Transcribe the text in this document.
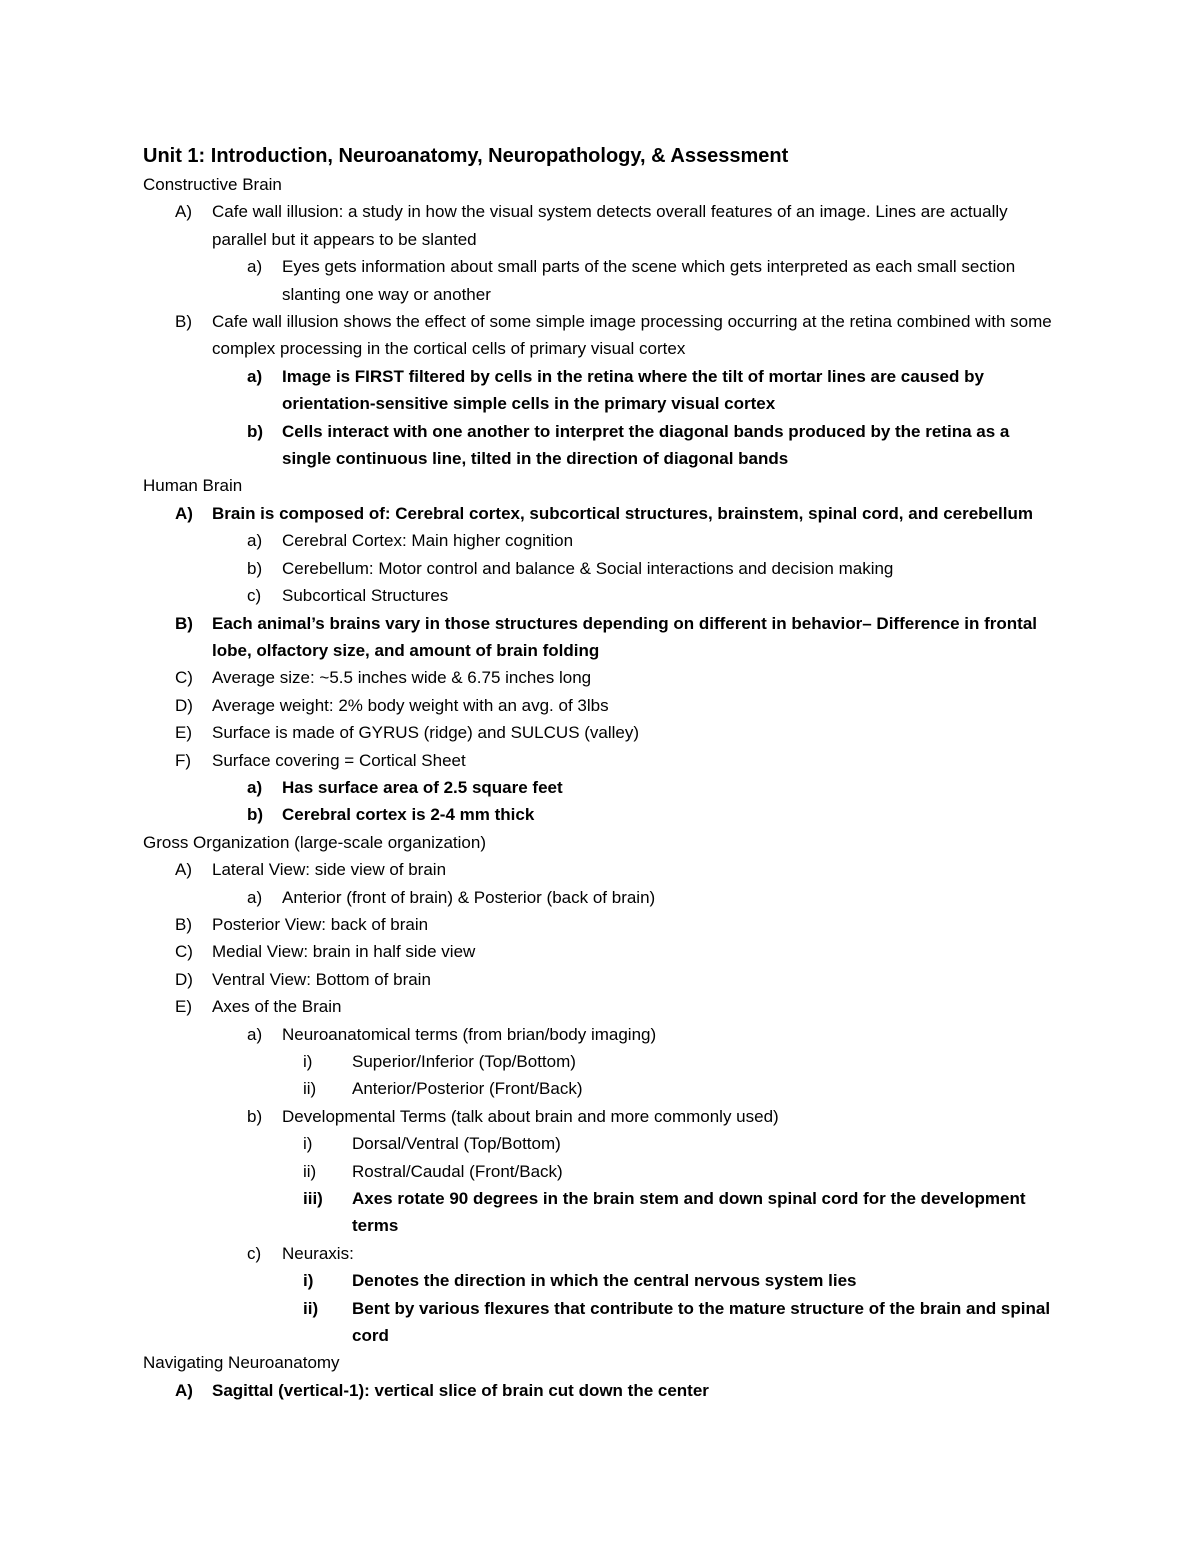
Unit 1: Introduction, Neuroanatomy, Neuropathology, & Assessment
Constructive Brain
A) Cafe wall illusion: a study in how the visual system detects overall features of an image. Lines are actually parallel but it appears to be slanted
a) Eyes gets information about small parts of the scene which gets interpreted as each small section slanting one way or another
B) Cafe wall illusion shows the effect of some simple image processing occurring at the retina combined with some complex processing in the cortical cells of primary visual cortex
a) Image is FIRST filtered by cells in the retina where the tilt of mortar lines are caused by orientation-sensitive simple cells in the primary visual cortex
b) Cells interact with one another to interpret the diagonal bands produced by the retina as a single continuous line, tilted in the direction of diagonal bands
Human Brain
A) Brain is composed of: Cerebral cortex, subcortical structures, brainstem, spinal cord, and cerebellum
a) Cerebral Cortex: Main higher cognition
b) Cerebellum: Motor control and balance & Social interactions and decision making
c) Subcortical Structures
B) Each animal’s brains vary in those structures depending on different in behavior– Difference in frontal lobe, olfactory size, and amount of brain folding
C) Average size: ~5.5 inches wide & 6.75 inches long
D) Average weight: 2% body weight with an avg. of 3lbs
E) Surface is made of GYRUS (ridge) and SULCUS (valley)
F) Surface covering = Cortical Sheet
a) Has surface area of 2.5 square feet
b) Cerebral cortex is 2-4 mm thick
Gross Organization (large-scale organization)
A) Lateral View: side view of brain
a) Anterior (front of brain) & Posterior (back of brain)
B) Posterior View: back of brain
C) Medial View: brain in half side view
D) Ventral View: Bottom of brain
E) Axes of the Brain
a) Neuroanatomical terms (from brian/body imaging)
i) Superior/Inferior (Top/Bottom)
ii) Anterior/Posterior (Front/Back)
b) Developmental Terms (talk about brain and more commonly used)
i) Dorsal/Ventral (Top/Bottom)
ii) Rostral/Caudal (Front/Back)
iii) Axes rotate 90 degrees in the brain stem and down spinal cord for the development terms
c) Neuraxis:
i) Denotes the direction in which the central nervous system lies
ii) Bent by various flexures that contribute to the mature structure of the brain and spinal cord
Navigating Neuroanatomy
A) Sagittal (vertical-1): vertical slice of brain cut down the center
